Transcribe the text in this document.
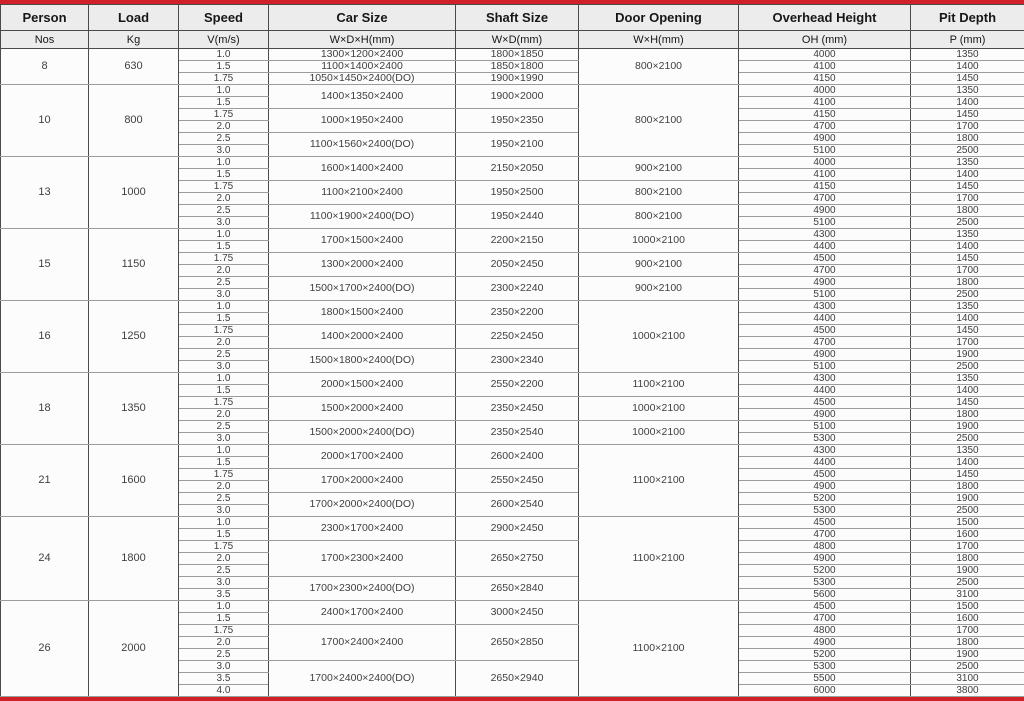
Person	Load	Speed	Car Size	Shaft Size	Door Opening	Overhead Height	Pit Depth
Nos	Kg	V(m/s)	W×D×H(mm)	W×D(mm)	W×H(mm)	OH (mm)	P (mm)
8	630	1.0	1300×1200×2400	1800×1850	800×2100	4000	1350
		1.5	1100×1400×2400	1850×1800		4100	1400
		1.75	1050×1450×2400(DO)	1900×1990		4150	1450
10	800	1.0	1400×1350×2400	1900×2000	800×2100	4000	1350
		1.5				4100	1400
		1.75	1000×1950×2400	1950×2350		4150	1450
		2.0				4700	1700
		2.5	1100×1560×2400(DO)	1950×2100		4900	1800
		3.0				5100	2500
13	1000	1.0	1600×1400×2400	2150×2050	900×2100	4000	1350
		1.5				4100	1400
		1.75	1100×2100×2400	1950×2500	800×2100	4150	1450
		2.0				4700	1700
		2.5	1100×1900×2400(DO)	1950×2440	800×2100	4900	1800
		3.0				5100	2500
15	1150	1.0	1700×1500×2400	2200×2150	1000×2100	4300	1350
		1.5				4400	1400
		1.75	1300×2000×2400	2050×2450	900×2100	4500	1450
		2.0				4700	1700
		2.5	1500×1700×2400(DO)	2300×2240	900×2100	4900	1800
		3.0				5100	2500
16	1250	1.0	1800×1500×2400	2350×2200	1000×2100	4300	1350
		1.5				4400	1400
		1.75	1400×2000×2400	2250×2450		4500	1450
		2.0				4700	1700
		2.5	1500×1800×2400(DO)	2300×2340		4900	1900
		3.0				5100	2500
18	1350	1.0	2000×1500×2400	2550×2200	1100×2100	4300	1350
		1.5				4400	1400
		1.75	1500×2000×2400	2350×2450	1000×2100	4500	1450
		2.0				4900	1800
		2.5	1500×2000×2400(DO)	2350×2540	1000×2100	5100	1900
		3.0				5300	2500
21	1600	1.0	2000×1700×2400	2600×2400	1100×2100	4300	1350
		1.5				4400	1400
		1.75	1700×2000×2400	2550×2450		4500	1450
		2.0				4900	1800
		2.5	1700×2000×2400(DO)	2600×2540		5200	1900
		3.0				5300	2500
24	1800	1.0	2300×1700×2400	2900×2450	1100×2100	4500	1500
		1.5				4700	1600
		1.75	1700×2300×2400	2650×2750		4800	1700
		2.0				4900	1800
		2.5				5200	1900
		3.0	1700×2300×2400(DO)	2650×2840		5300	2500
		3.5				5600	3100
26	2000	1.0	2400×1700×2400	3000×2450	1100×2100	4500	1500
		1.5				4700	1600
		1.75	1700×2400×2400	2650×2850		4800	1700
		2.0				4900	1800
		2.5				5200	1900
		3.0	1700×2400×2400(DO)	2650×2940		5300	2500
		3.5				5500	3100
		4.0				6000	3800
